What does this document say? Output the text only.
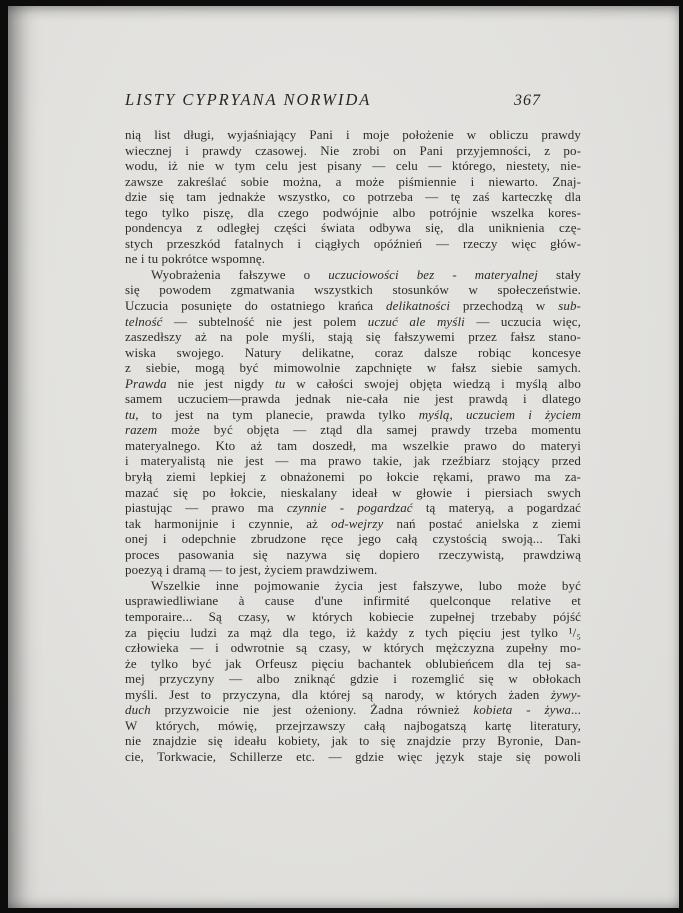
LISTY CYPRYANA NORWIDA	367
nią list długi, wyjaśniający Pani i moje położenie w obliczu prawdy
wiecznej i prawdy czasowej. Nie zrobi on Pani przyjemności, z po-
wodu, iż nie w tym celu jest pisany — celu — którego, niestety, nie-
zawsze zakreślać sobie można, a może piśmiennie i niewarto. Znaj-
dzie się tam jednakże wszystko, co potrzeba — tę zaś karteczkę dla
tego tylko piszę, dla czego podwójnie albo potrójnie wszelka kores-
pondencya z odległej części świata odbywa się, dla uniknienia czę-
stych przeszkód fatalnych i ciągłych opóźnień — rzeczy więc głów-
ne i tu pokrótce wspomnę.
Wyobrażenia fałszywe o uczuciowości bez - materyalnej stały
się powodem zgmatwania wszystkich stosunków w społeczeństwie.
Uczucia posunięte do ostatniego krańca delikatności przechodzą w sub-
telność — subtelność nie jest polem uczuć ale myśli — uczucia więc,
zaszedłszy aż na pole myśli, stają się fałszywemi przez fałsz stano-
wiska swojego. Natury delikatne, coraz dalsze robiąc koncesye
z siebie, mogą być mimowolnie zapchnięte w fałsz siebie samych.
Prawda nie jest nigdy tu w całości swojej objęta wiedzą i myślą albo
samem uczuciem—prawda jednak nie-cała nie jest prawdą i dlatego
tu, to jest na tym planecie, prawda tylko myślą, uczuciem i życiem
razem może być objęta — ztąd dla samej prawdy trzeba momentu
materyalnego. Kto aż tam doszedł, ma wszelkie prawo do materyi
i materyalistą nie jest — ma prawo takie, jak rzeźbiarz stojący przed
bryłą ziemi lepkiej z obnażonemi po łokcie rękami, prawo ma za-
mazać się po łokcie, nieskalany ideał w głowie i piersiach swych
piastując — prawo ma czynnie - pogardzać tą materyą, a pogardzać
tak harmonijnie i czynnie, aż od-wejrzy nań postać anielska z ziemi
onej i odepchnie zbrudzone ręce jego całą czystością swoją... Taki
proces pasowania się nazywa się dopiero rzeczywistą, prawdziwą
poezyą i dramą — to jest, życiem prawdziwem.
Wszelkie inne pojmowanie życia jest fałszywe, lubo może być
usprawiedliwiane à cause d'une infirmité quelconque relative et
temporaire... Są czasy, w których kobiecie zupełnej trzebaby pójść
za pięciu ludzi za mąż dla tego, iż każdy z tych pięciu jest tylko ¹/₅
człowieka — i odwrotnie są czasy, w których mężczyzna zupełny mo-
że tylko być jak Orfeusz pięciu bachantek oblubieńcem dla tej sa-
mej przyczyny — albo zniknąć gdzie i rozemglić się w obłokach
myśli. Jest to przyczyna, dla której są narody, w których żaden żywy-
duch przyzwoicie nie jest ożeniony. Żadna również kobieta - żywa...
W których, mówię, przejrzawszy całą najbogatszą kartę literatury,
nie znajdzie się ideału kobiety, jak to się znajdzie przy Byronie, Dan-
cie, Torkwacie, Schillerze etc. — gdzie więc język staje się powoli
